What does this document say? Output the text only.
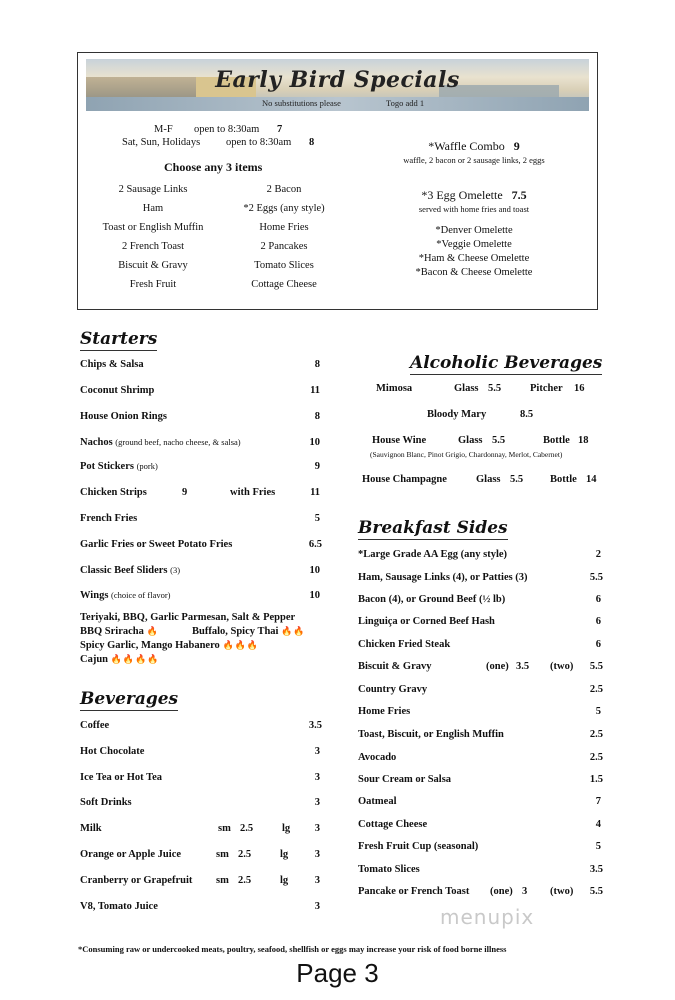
Early Bird Specials
No substitutions please	Togo add 1
M-F open to 8:30am 7
Sat, Sun, Holidays open to 8:30am 8
Choose any 3 items
2 Sausage Links
Ham
Toast or English Muffin
2 French Toast
Biscuit & Gravy
Fresh Fruit
2 Bacon
*2 Eggs (any style)
Home Fries
2 Pancakes
Tomato Slices
Cottage Cheese
*Waffle Combo 9
waffle, 2 bacon or 2 sausage links, 2 eggs
*3 Egg Omelette 7.5
served with home fries and toast
*Denver Omelette
*Veggie Omelette
*Ham & Cheese Omelette
*Bacon & Cheese Omelette
Starters
Chips & Salsa	8
Coconut Shrimp	11
House Onion Rings	8
Nachos (ground beef, nacho cheese, & salsa)	10
Pot Stickers (pork)	9
Chicken Strips	9	with Fries	11
French Fries	5
Garlic Fries or Sweet Potato Fries	6.5
Classic Beef Sliders (3)	10
Wings (choice of flavor)	10
Teriyaki, BBQ, Garlic Parmesan, Salt & Pepper
BBQ Sriracha 🔥	Buffalo, Spicy Thai 🔥🔥
Spicy Garlic, Mango Habanero 🔥🔥🔥
Cajun 🔥🔥🔥🔥
Beverages
Coffee	3.5
Hot Chocolate	3
Ice Tea or Hot Tea	3
Soft Drinks	3
Milk	sm 2.5	lg	3
Orange or Apple Juice	sm 2.5	lg	3
Cranberry or Grapefruit sm 2.5	lg	3
V8, Tomato Juice	3
Alcoholic Beverages
Mimosa	Glass 5.5	Pitcher 16
Bloody Mary	8.5
House Wine	Glass 5.5	Bottle 18
(Sauvignon Blanc, Pinot Grigio, Chardonnay, Merlot, Cabernet)
House Champagne	Glass 5.5	Bottle 14
Breakfast Sides
*Large Grade AA Egg (any style)	2
Ham, Sausage Links (4), or Patties (3)	5.5
Bacon (4), or Ground Beef (½ lb)	6
Linguiça or Corned Beef Hash	6
Chicken Fried Steak	6
Biscuit & Gravy	(one) 3.5 (two)	5.5
Country Gravy	2.5
Home Fries	5
Toast, Biscuit, or English Muffin	2.5
Avocado	2.5
Sour Cream or Salsa	1.5
Oatmeal	7
Cottage Cheese	4
Fresh Fruit Cup (seasonal)	5
Tomato Slices	3.5
Pancake or French Toast (one) 3 (two)	5.5
menupix
*Consuming raw or undercooked meats, poultry, seafood, shellfish or eggs may increase your risk of food borne illness
Page 3
